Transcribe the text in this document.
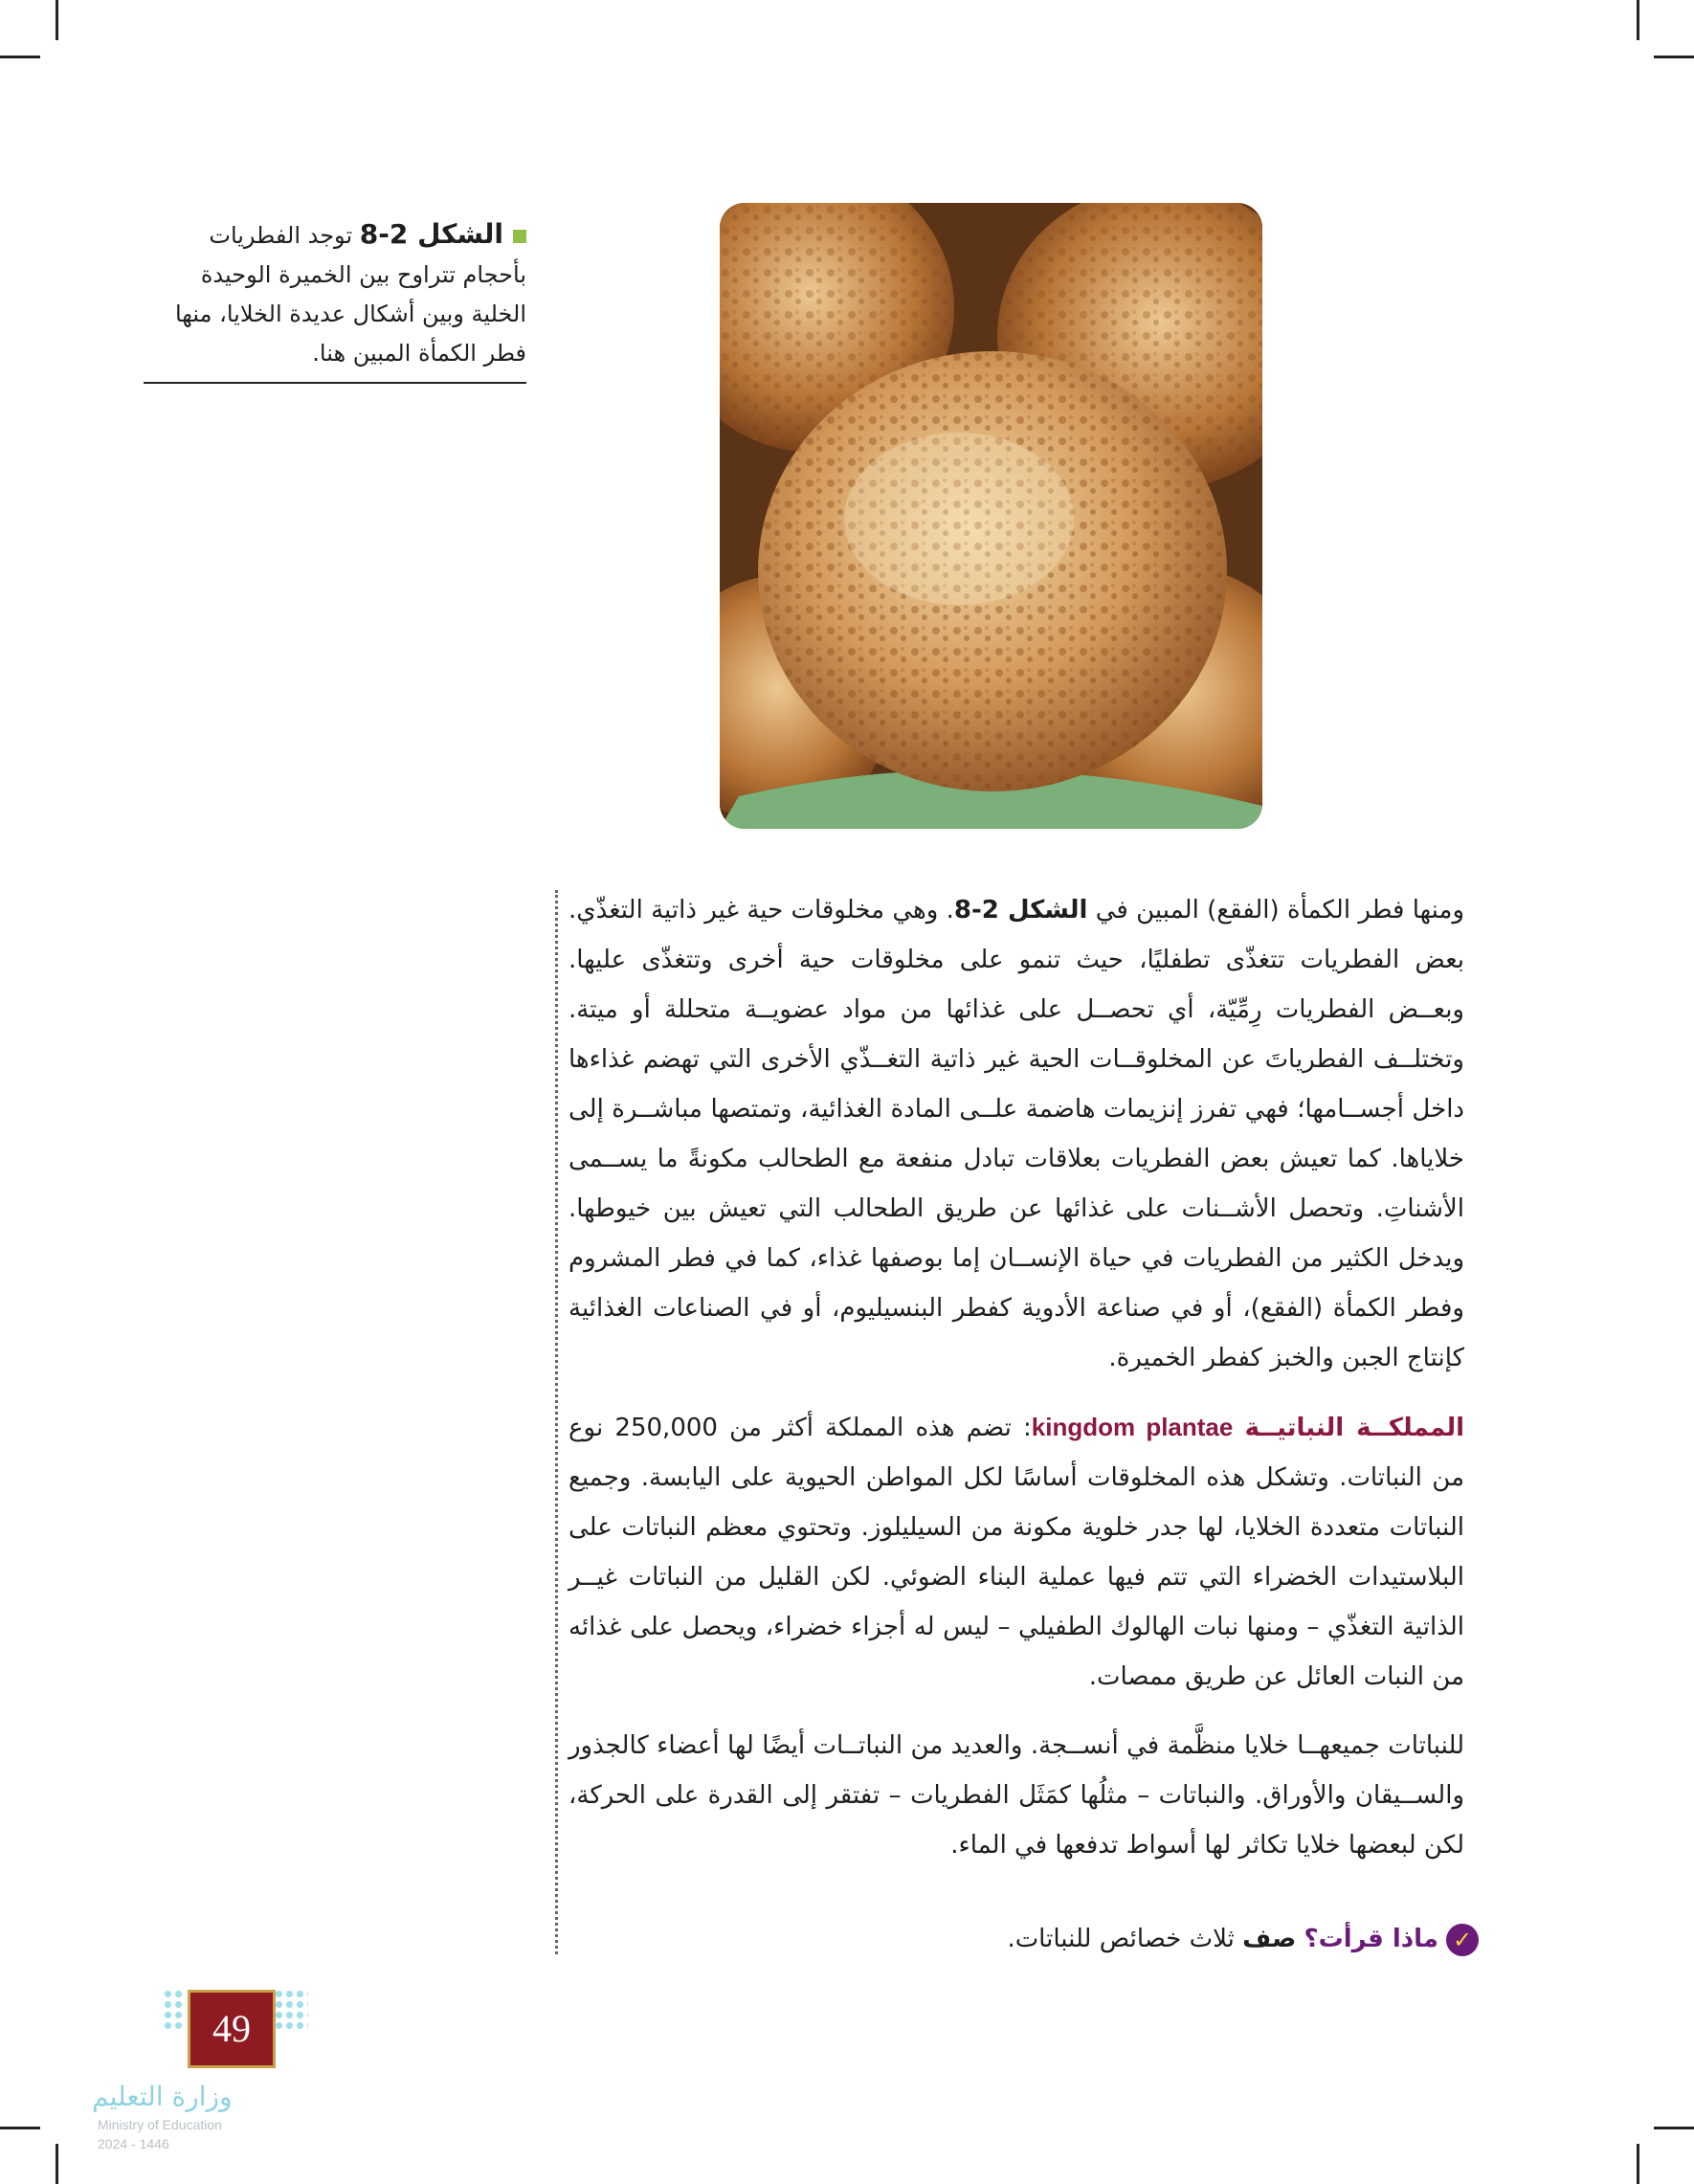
الشكل 2-8 توجد الفطريات بأحجام تتراوح بين الخميرة الوحيدة الخلية وبين أشكال عديدة الخلايا، منها فطر الكمأة المبين هنا.

ومنها فطر الكمأة (الفقع) المبين في الشكل 2-8. وهي مخلوقات حية غير ذاتية التغذّي. بعض الفطريات تتغذّى تطفليًا، حيث تنمو على مخلوقات حية أخرى وتتغذّى عليها. وبعــض الفطريات رِمِّيّة، أي تحصــل على غذائها من مواد عضويــة متحللة أو ميتة. وتختلــف الفطرياتَ عن المخلوقــات الحية غير ذاتية التغــذّي الأخرى التي تهضم غذاءها داخل أجســامها؛ فهي تفرز إنزيمات هاضمة علــى المادة الغذائية، وتمتصها مباشــرة إلى خلاياها. كما تعيش بعض الفطريات بعلاقات تبادل منفعة مع الطحالب مكونةً ما يســمى الأشناتِ. وتحصل الأشــنات على غذائها عن طريق الطحالب التي تعيش بين خيوطها. ويدخل الكثير من الفطريات في حياة الإنســان إما بوصفها غذاء، كما في فطر المشروم وفطر الكمأة (الفقع)، أو في صناعة الأدوية كفطر البنسيليوم، أو في الصناعات الغذائية كإنتاج الجبن والخبز كفطر الخميرة.

المملكــة النباتيــة kingdom plantae: تضم هذه المملكة أكثر من 250,000 نوع من النباتات. وتشكل هذه المخلوقات أساسًا لكل المواطن الحيوية على اليابسة. وجميع النباتات متعددة الخلايا، لها جدر خلوية مكونة من السيليلوز. وتحتوي معظم النباتات على البلاستيدات الخضراء التي تتم فيها عملية البناء الضوئي. لكن القليل من النباتات غيــر الذاتية التغذّي – ومنها نبات الهالوك الطفيلي – ليس له أجزاء خضراء، ويحصل على غذائه من النبات العائل عن طريق ممصات.

للنباتات جميعهــا خلايا منظَّمة في أنســجة. والعديد من النباتــات أيضًا لها أعضاء كالجذور والســيقان والأوراق. والنباتات – مثلُها كمَثَل الفطريات – تفتقر إلى القدرة على الحركة، لكن لبعضها خلايا تكاثر لها أسواط تدفعها في الماء.

✓ماذا قرأت؟ صف ثلاث خصائص للنباتات.
49
وزارة التعليم
Ministry of Education
2024 - 1446
